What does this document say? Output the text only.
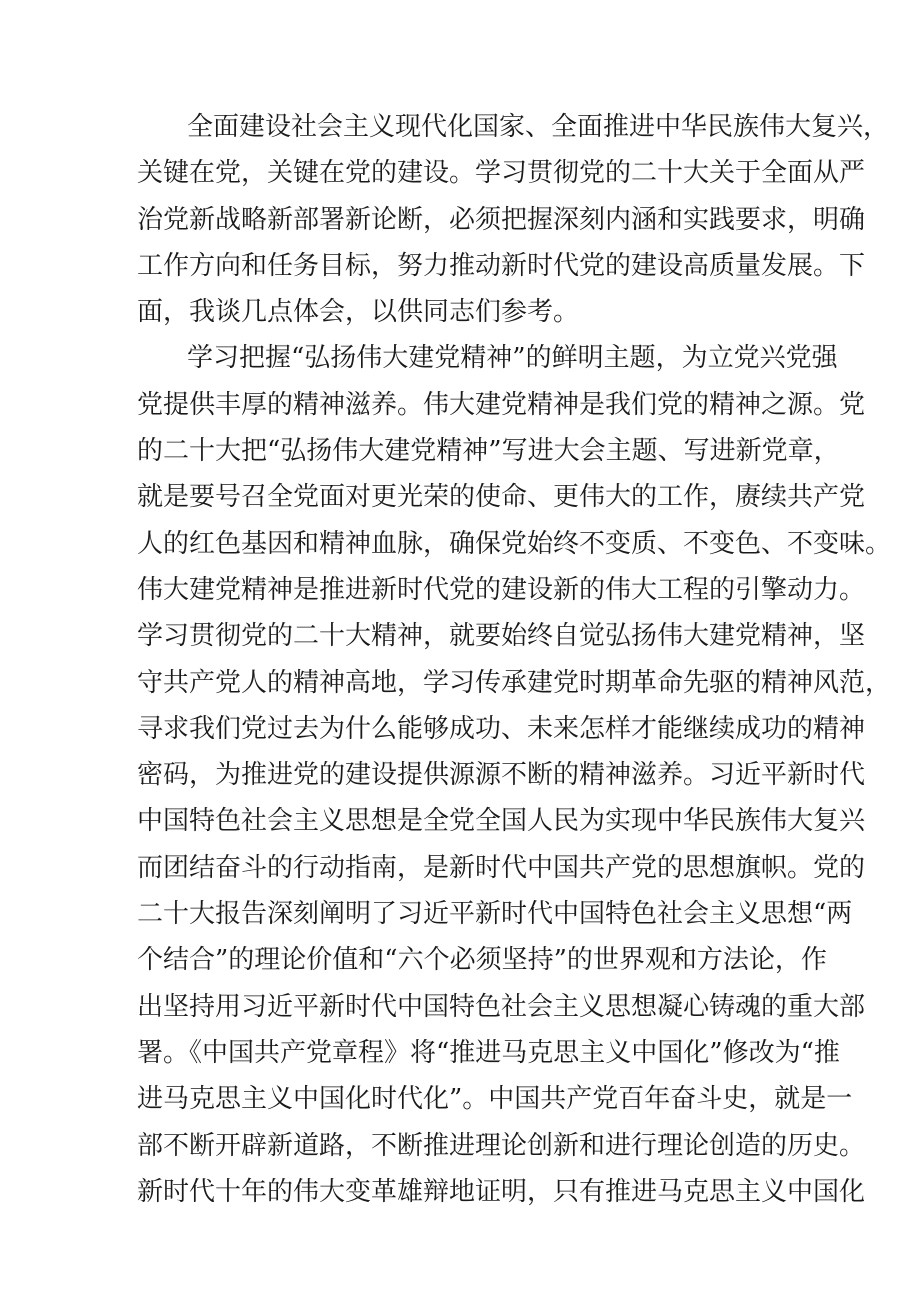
全面建设社会主义现代化国家、全面推进中华民族伟大复兴，
关键在党，关键在党的建设。学习贯彻党的二十大关于全面从严
治党新战略新部署新论断，必须把握深刻内涵和实践要求，明确
工作方向和任务目标，努力推动新时代党的建设高质量发展。下
面，我谈几点体会，以供同志们参考。
学习把握“弘扬伟大建党精神”的鲜明主题，为立党兴党强
党提供丰厚的精神滋养。伟大建党精神是我们党的精神之源。党
的二十大把“弘扬伟大建党精神”写进大会主题、写进新党章，
就是要号召全党面对更光荣的使命、更伟大的工作，赓续共产党
人的红色基因和精神血脉，确保党始终不变质、不变色、不变味。
伟大建党精神是推进新时代党的建设新的伟大工程的引擎动力。
学习贯彻党的二十大精神，就要始终自觉弘扬伟大建党精神，坚
守共产党人的精神高地，学习传承建党时期革命先驱的精神风范，
寻求我们党过去为什么能够成功、未来怎样才能继续成功的精神
密码，为推进党的建设提供源源不断的精神滋养。习近平新时代
中国特色社会主义思想是全党全国人民为实现中华民族伟大复兴
而团结奋斗的行动指南，是新时代中国共产党的思想旗帜。党的
二十大报告深刻阐明了习近平新时代中国特色社会主义思想“两
个结合”的理论价值和“六个必须坚持”的世界观和方法论，作
出坚持用习近平新时代中国特色社会主义思想凝心铸魂的重大部
署。《中国共产党章程》将“推进马克思主义中国化”修改为“推
进马克思主义中国化时代化”。中国共产党百年奋斗史，就是一
部不断开辟新道路，不断推进理论创新和进行理论创造的历史。
新时代十年的伟大变革雄辩地证明，只有推进马克思主义中国化
